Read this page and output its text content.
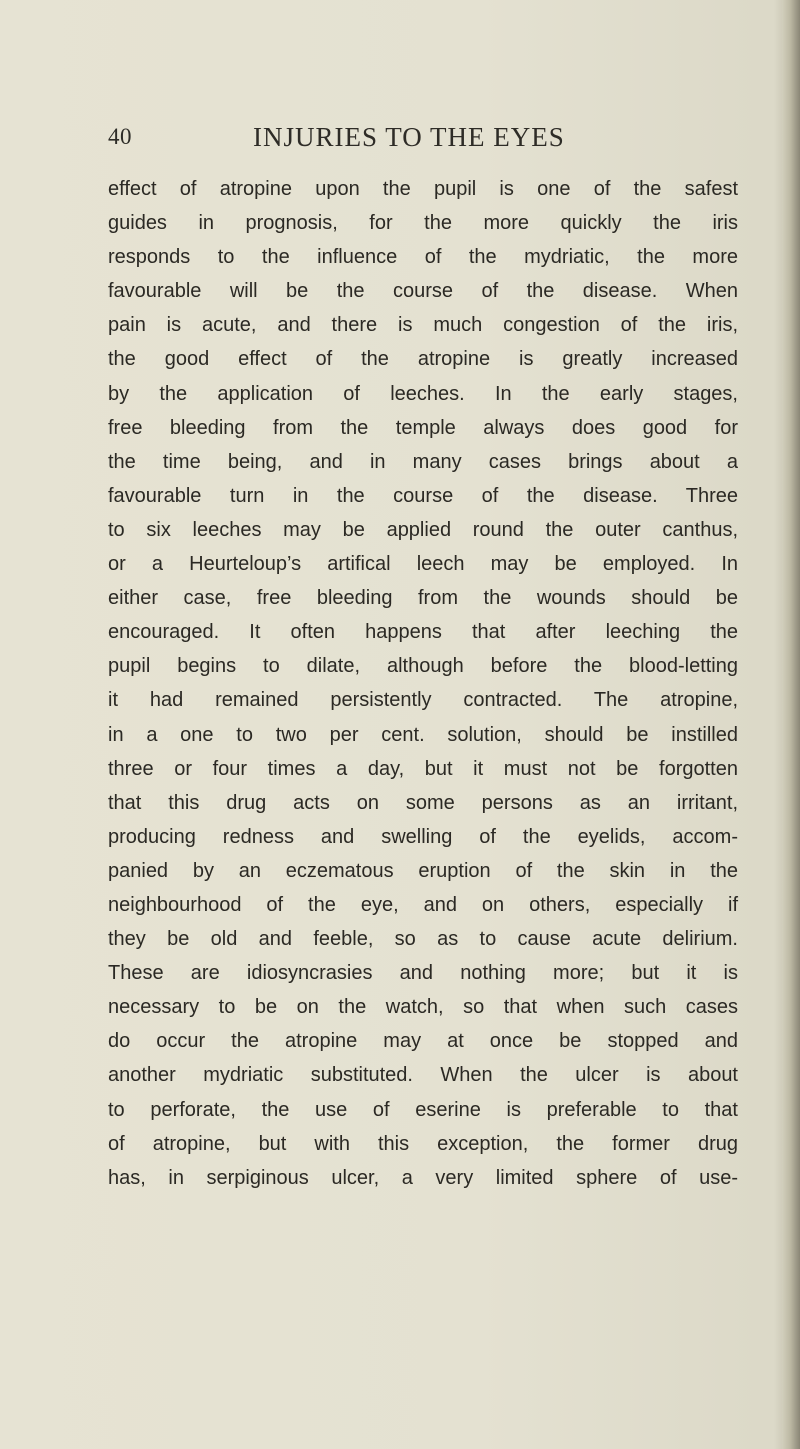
40	INJURIES TO THE EYES
effect of atropine upon the pupil is one of the safest
guides in prognosis, for the more quickly the iris
responds to the influence of the mydriatic, the more
favourable will be the course of the disease. When
pain is acute, and there is much congestion of the iris,
the good effect of the atropine is greatly increased
by the application of leeches. In the early stages,
free bleeding from the temple always does good for
the time being, and in many cases brings about a
favourable turn in the course of the disease. Three
to six leeches may be applied round the outer canthus,
or a Heurteloup’s artifical leech may be employed. In
either case, free bleeding from the wounds should be
encouraged. It often happens that after leeching the
pupil begins to dilate, although before the blood-letting
it had remained persistently contracted. The atropine,
in a one to two per cent. solution, should be instilled
three or four times a day, but it must not be forgotten
that this drug acts on some persons as an irritant,
producing redness and swelling of the eyelids, accom-
panied by an eczematous eruption of the skin in the
neighbourhood of the eye, and on others, especially if
they be old and feeble, so as to cause acute delirium.
These are idiosyncrasies and nothing more; but it is
necessary to be on the watch, so that when such cases
do occur the atropine may at once be stopped and
another mydriatic substituted. When the ulcer is about
to perforate, the use of eserine is preferable to that
of atropine, but with this exception, the former drug
has, in serpiginous ulcer, a very limited sphere of use-
